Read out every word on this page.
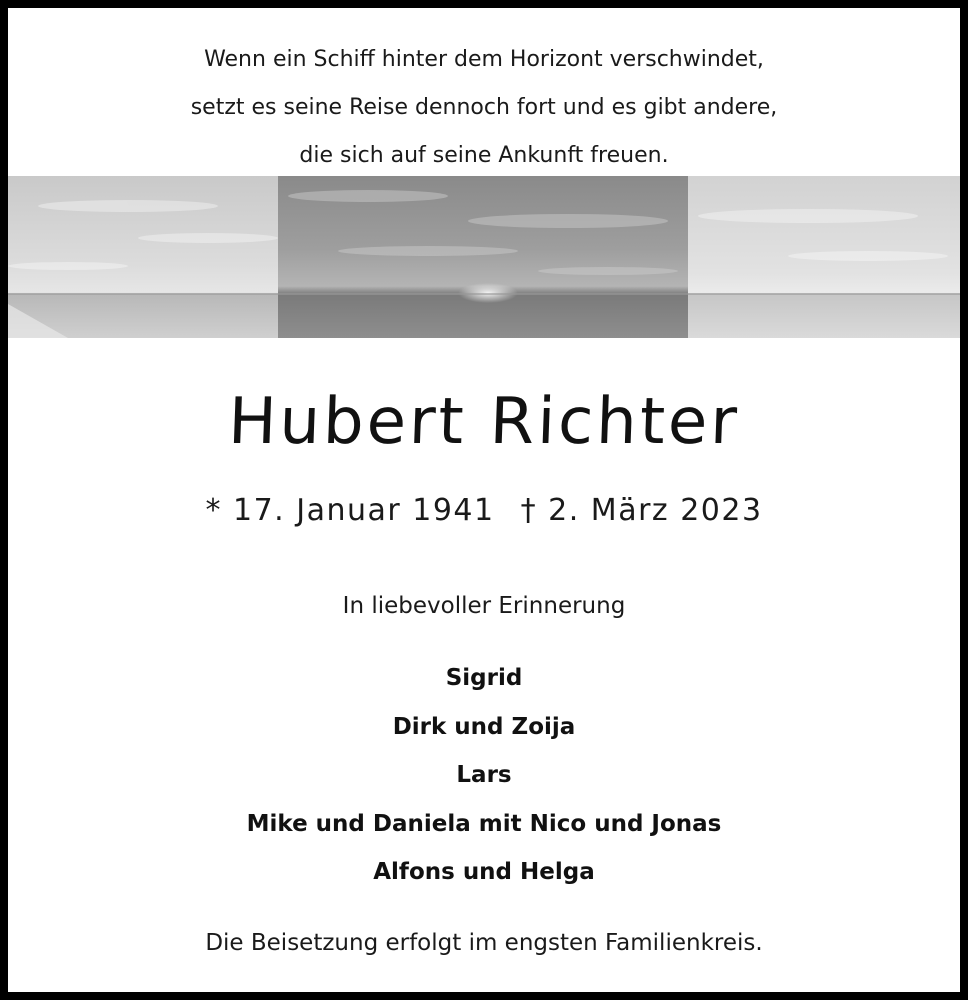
Wenn ein Schiff hinter dem Horizont verschwindet,
setzt es seine Reise dennoch fort und es gibt andere,
die sich auf seine Ankunft freuen.
Hubert Richter
* 17. Januar 1941 † 2. März 2023
In liebevoller Erinnerung
Sigrid
Dirk und Zoija
Lars
Mike und Daniela mit Nico und Jonas
Alfons und Helga
Die Beisetzung erfolgt im engsten Familienkreis.
